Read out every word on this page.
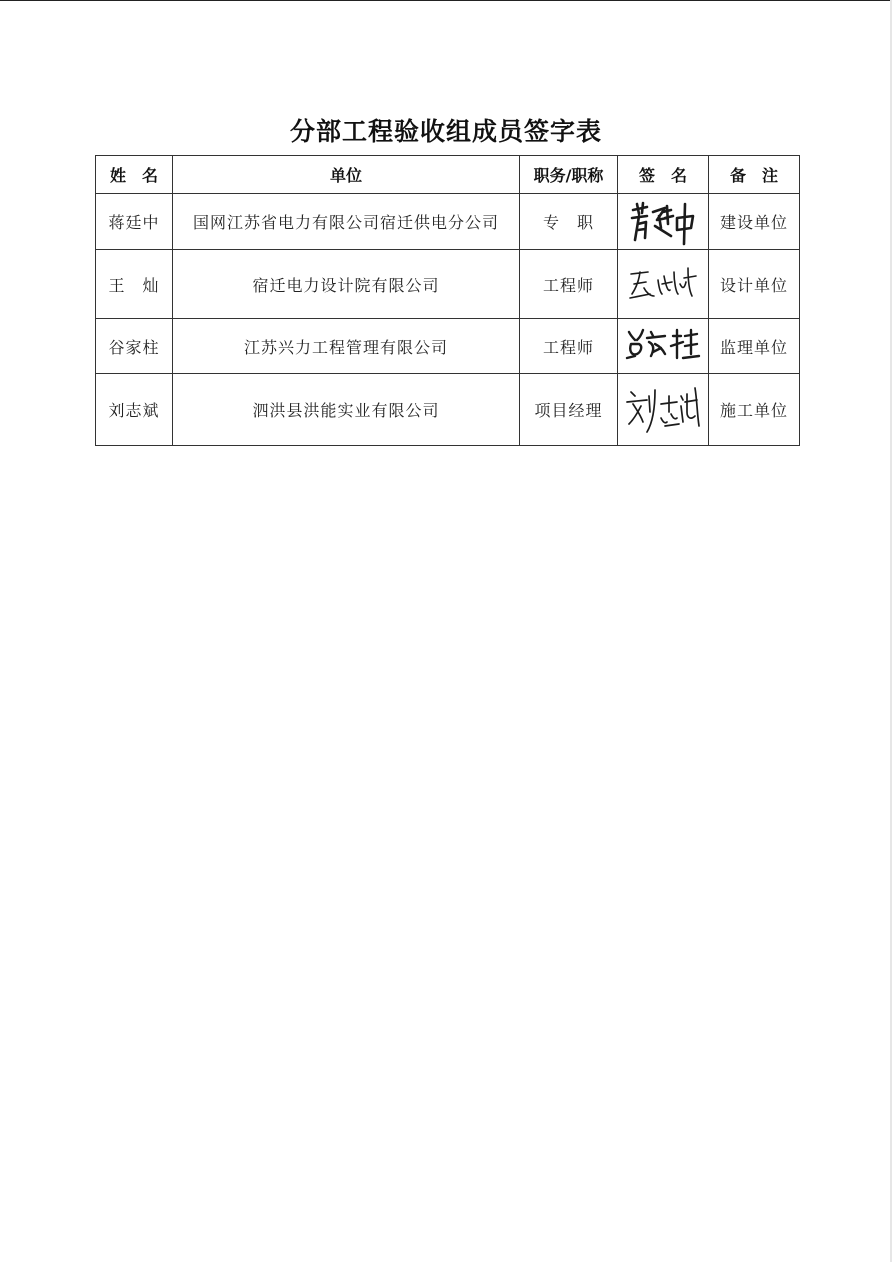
分部工程验收组成员签字表
姓　名	单位	职务/职称	签　名	备　注
蒋廷中	国网江苏省电力有限公司宿迁供电分公司	专　职		建设单位
王　灿	宿迁电力设计院有限公司	工程师		设计单位
谷家柱	江苏兴力工程管理有限公司	工程师		监理单位
刘志斌	泗洪县洪能实业有限公司	项目经理		施工单位
